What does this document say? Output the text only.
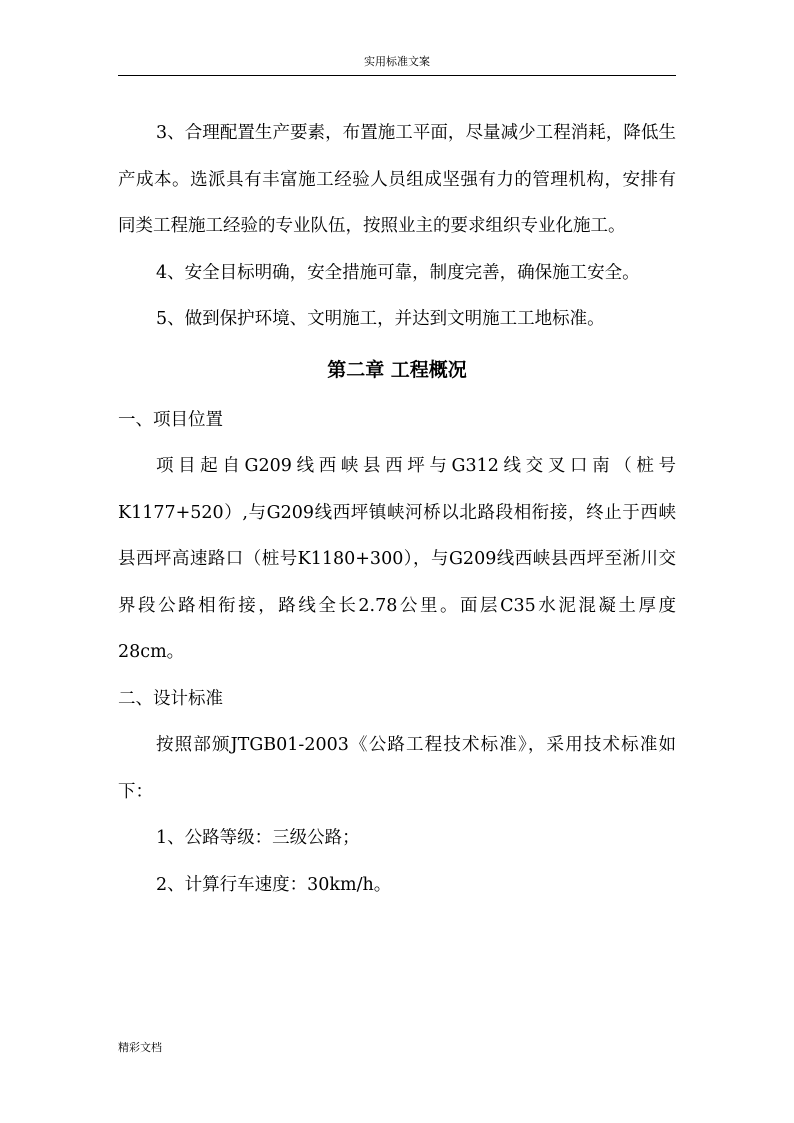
实用标准文案

3、合理配置生产要素，布置施工平面，尽量减少工程消耗，降低生产成本。选派具有丰富施工经验人员组成坚强有力的管理机构，安排有同类工程施工经验的专业队伍，按照业主的要求组织专业化施工。

4、安全目标明确，安全措施可靠，制度完善，确保施工安全。

5、做到保护环境、文明施工，并达到文明施工工地标准。

第二章 工程概况

一、项目位置

项目起自G209线西峡县西坪与G312线交叉口南（桩号K1177+520）,与G209线西坪镇峡河桥以北路段相衔接，终止于西峡县西坪高速路口（桩号K1180+300），与G209线西峡县西坪至淅川交界段公路相衔接，路线全长2.78公里。面层C35水泥混凝土厚度28cm。

二、设计标准

按照部颁JTGB01-2003《公路工程技术标准》，采用技术标准如下：

1、公路等级：三级公路；

2、计算行车速度：30km/h。

精彩文档
